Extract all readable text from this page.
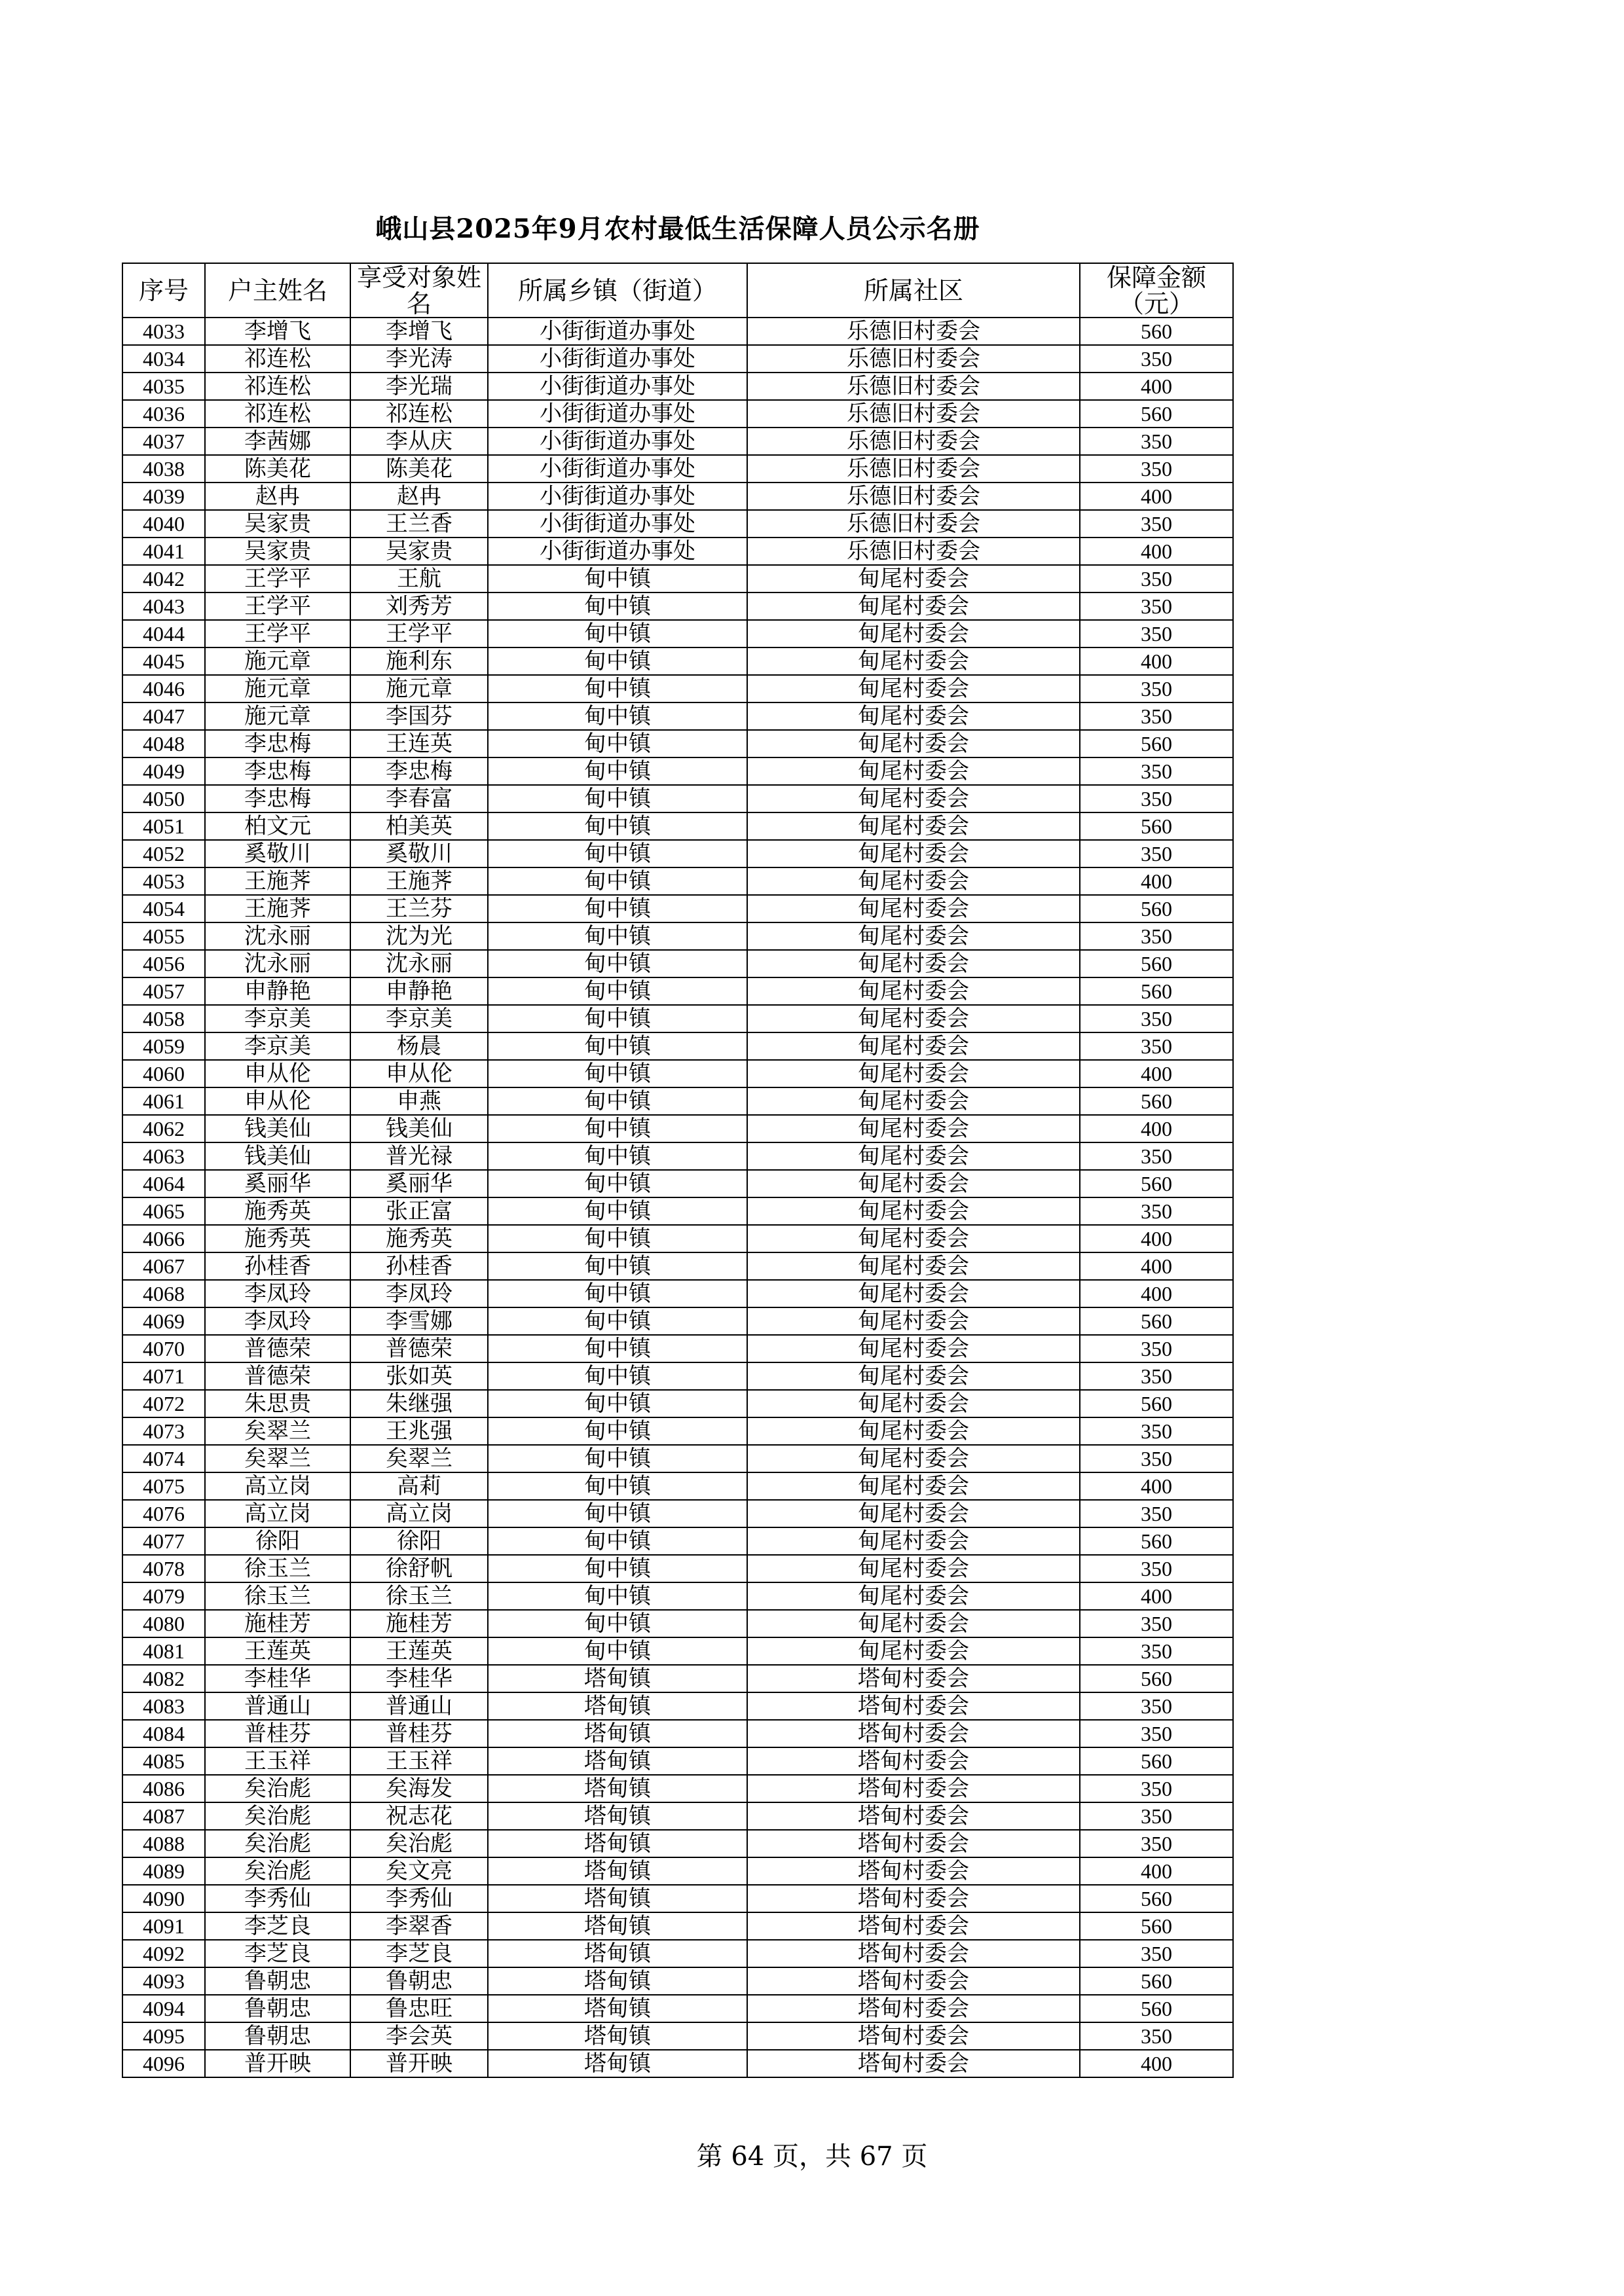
峨山县2025年9月农村最低生活保障人员公示名册
序号	户主姓名	享受对象姓名	所属乡镇（街道）	所属社区	保障金额（元）
4033	李增飞	李增飞	小街街道办事处	乐德旧村委会	560
4034	祁连松	李光涛	小街街道办事处	乐德旧村委会	350
4035	祁连松	李光瑞	小街街道办事处	乐德旧村委会	400
4036	祁连松	祁连松	小街街道办事处	乐德旧村委会	560
4037	李茜娜	李从庆	小街街道办事处	乐德旧村委会	350
4038	陈美花	陈美花	小街街道办事处	乐德旧村委会	350
4039	赵冉	赵冉	小街街道办事处	乐德旧村委会	400
4040	吴家贵	王兰香	小街街道办事处	乐德旧村委会	350
4041	吴家贵	吴家贵	小街街道办事处	乐德旧村委会	400
4042	王学平	王航	甸中镇	甸尾村委会	350
4043	王学平	刘秀芳	甸中镇	甸尾村委会	350
4044	王学平	王学平	甸中镇	甸尾村委会	350
4045	施元章	施利东	甸中镇	甸尾村委会	400
4046	施元章	施元章	甸中镇	甸尾村委会	350
4047	施元章	李国芬	甸中镇	甸尾村委会	350
4048	李忠梅	王连英	甸中镇	甸尾村委会	560
4049	李忠梅	李忠梅	甸中镇	甸尾村委会	350
4050	李忠梅	李春富	甸中镇	甸尾村委会	350
4051	柏文元	柏美英	甸中镇	甸尾村委会	560
4052	奚敬川	奚敬川	甸中镇	甸尾村委会	350
4053	王施荠	王施荠	甸中镇	甸尾村委会	400
4054	王施荠	王兰芬	甸中镇	甸尾村委会	560
4055	沈永丽	沈为光	甸中镇	甸尾村委会	350
4056	沈永丽	沈永丽	甸中镇	甸尾村委会	560
4057	申静艳	申静艳	甸中镇	甸尾村委会	560
4058	李京美	李京美	甸中镇	甸尾村委会	350
4059	李京美	杨晨	甸中镇	甸尾村委会	350
4060	申从伦	申从伦	甸中镇	甸尾村委会	400
4061	申从伦	申燕	甸中镇	甸尾村委会	560
4062	钱美仙	钱美仙	甸中镇	甸尾村委会	400
4063	钱美仙	普光禄	甸中镇	甸尾村委会	350
4064	奚丽华	奚丽华	甸中镇	甸尾村委会	560
4065	施秀英	张正富	甸中镇	甸尾村委会	350
4066	施秀英	施秀英	甸中镇	甸尾村委会	400
4067	孙桂香	孙桂香	甸中镇	甸尾村委会	400
4068	李凤玲	李凤玲	甸中镇	甸尾村委会	400
4069	李凤玲	李雪娜	甸中镇	甸尾村委会	560
4070	普德荣	普德荣	甸中镇	甸尾村委会	350
4071	普德荣	张如英	甸中镇	甸尾村委会	350
4072	朱思贵	朱继强	甸中镇	甸尾村委会	560
4073	矣翠兰	王兆强	甸中镇	甸尾村委会	350
4074	矣翠兰	矣翠兰	甸中镇	甸尾村委会	350
4075	高立岗	高莉	甸中镇	甸尾村委会	400
4076	高立岗	高立岗	甸中镇	甸尾村委会	350
4077	徐阳	徐阳	甸中镇	甸尾村委会	560
4078	徐玉兰	徐舒帆	甸中镇	甸尾村委会	350
4079	徐玉兰	徐玉兰	甸中镇	甸尾村委会	400
4080	施桂芳	施桂芳	甸中镇	甸尾村委会	350
4081	王莲英	王莲英	甸中镇	甸尾村委会	350
4082	李桂华	李桂华	塔甸镇	塔甸村委会	560
4083	普通山	普通山	塔甸镇	塔甸村委会	350
4084	普桂芬	普桂芬	塔甸镇	塔甸村委会	350
4085	王玉祥	王玉祥	塔甸镇	塔甸村委会	560
4086	矣治彪	矣海发	塔甸镇	塔甸村委会	350
4087	矣治彪	祝志花	塔甸镇	塔甸村委会	350
4088	矣治彪	矣治彪	塔甸镇	塔甸村委会	350
4089	矣治彪	矣文亮	塔甸镇	塔甸村委会	400
4090	李秀仙	李秀仙	塔甸镇	塔甸村委会	560
4091	李芝良	李翠香	塔甸镇	塔甸村委会	560
4092	李芝良	李芝良	塔甸镇	塔甸村委会	350
4093	鲁朝忠	鲁朝忠	塔甸镇	塔甸村委会	560
4094	鲁朝忠	鲁忠旺	塔甸镇	塔甸村委会	560
4095	鲁朝忠	李会英	塔甸镇	塔甸村委会	350
4096	普开映	普开映	塔甸镇	塔甸村委会	400
第 64 页，共 67 页
